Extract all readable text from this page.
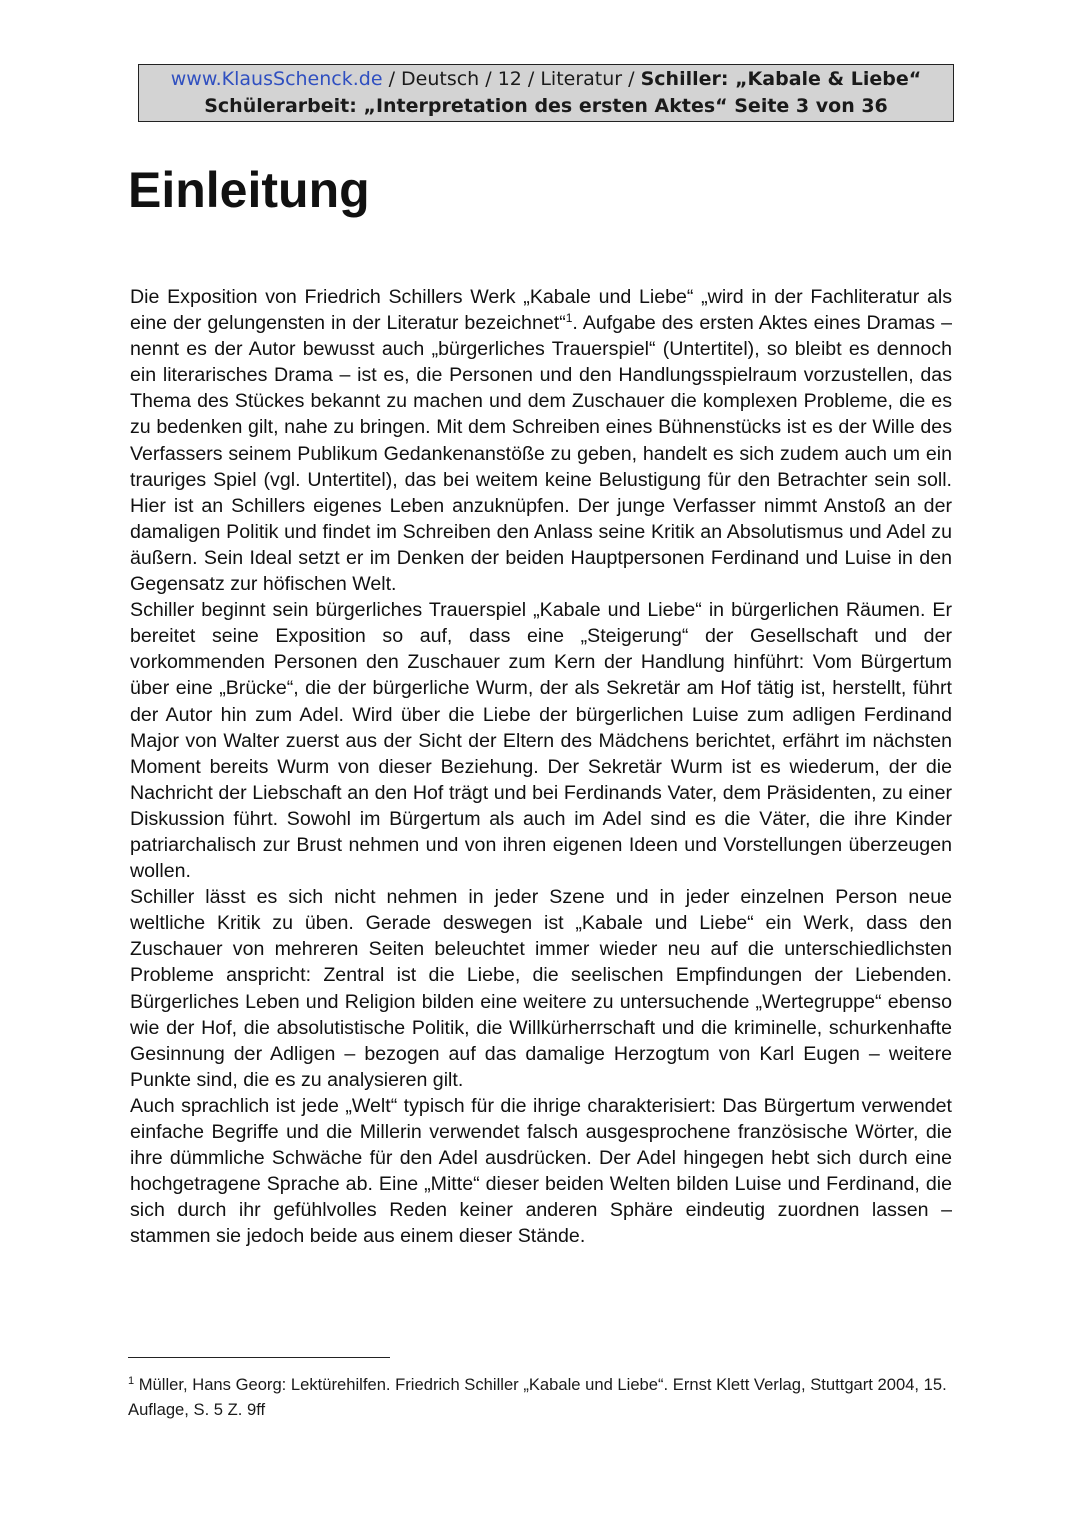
www.KlausSchenck.de / Deutsch / 12 / Literatur / Schiller: „Kabale & Liebe“
Schülerarbeit: „Interpretation des ersten Aktes“ Seite 3 von 36
Einleitung

Die Exposition von Friedrich Schillers Werk „Kabale und Liebe“ „wird in der Fachliteratur als eine der gelungensten in der Literatur bezeichnet“$^1$. Aufgabe des ersten Aktes eines Dramas – nennt es der Autor bewusst auch „bürgerliches Trauerspiel“ (Untertitel), so bleibt es dennoch ein literarisches Drama – ist es, die Personen und den Handlungsspielraum vorzustellen, das Thema des Stückes bekannt zu machen und dem Zuschauer die komplexen Probleme, die es zu bedenken gilt, nahe zu bringen. Mit dem Schreiben eines Bühnenstücks ist es der Wille des Verfassers seinem Publikum Gedankenanstöße zu geben, handelt es sich zudem auch um ein trauriges Spiel (vgl. Untertitel), das bei weitem keine Belustigung für den Betrachter sein soll. Hier ist an Schillers eigenes Leben anzuknüpfen. Der junge Verfasser nimmt Anstoß an der damaligen Politik und findet im Schreiben den Anlass seine Kritik an Absolutismus und Adel zu äußern. Sein Ideal setzt er im Denken der beiden Hauptpersonen Ferdinand und Luise in den Gegensatz zur höfischen Welt.

Schiller beginnt sein bürgerliches Trauerspiel „Kabale und Liebe“ in bürgerlichen Räumen. Er bereitet seine Exposition so auf, dass eine „Steigerung“ der Gesellschaft und der vorkommenden Personen den Zuschauer zum Kern der Handlung hinführt: Vom Bürgertum über eine „Brücke“, die der bürgerliche Wurm, der als Sekretär am Hof tätig ist, herstellt, führt der Autor hin zum Adel. Wird über die Liebe der bürgerlichen Luise zum adligen Ferdinand Major von Walter zuerst aus der Sicht der Eltern des Mädchens berichtet, erfährt im nächsten Moment bereits Wurm von dieser Beziehung. Der Sekretär Wurm ist es wiederum, der die Nachricht der Liebschaft an den Hof trägt und bei Ferdinands Vater, dem Präsidenten, zu einer Diskussion führt. Sowohl im Bürgertum als auch im Adel sind es die Väter, die ihre Kinder patriarchalisch zur Brust nehmen und von ihren eigenen Ideen und Vorstellungen überzeugen wollen.

Schiller lässt es sich nicht nehmen in jeder Szene und in jeder einzelnen Person neue weltliche Kritik zu üben. Gerade deswegen ist „Kabale und Liebe“ ein Werk, dass den Zuschauer von mehreren Seiten beleuchtet immer wieder neu auf die unterschiedlichsten Probleme anspricht: Zentral ist die Liebe, die seelischen Empfindungen der Liebenden. Bürgerliches Leben und Religion bilden eine weitere zu untersuchende „Wertegruppe“ ebenso wie der Hof, die absolutistische Politik, die Willkürherrschaft und die kriminelle, schurkenhafte Gesinnung der Adligen – bezogen auf das damalige Herzogtum von Karl Eugen – weitere Punkte sind, die es zu analysieren gilt.

Auch sprachlich ist jede „Welt“ typisch für die ihrige charakterisiert: Das Bürgertum verwendet einfache Begriffe und die Millerin verwendet falsch ausgesprochene französische Wörter, die ihre dümmliche Schwäche für den Adel ausdrücken. Der Adel hingegen hebt sich durch eine hochgetragene Sprache ab. Eine „Mitte“ dieser beiden Welten bilden Luise und Ferdinand, die sich durch ihr gefühlvolles Reden keiner anderen Sphäre eindeutig zuordnen lassen – stammen sie jedoch beide aus einem dieser Stände.

$^1$ Müller, Hans Georg: Lektürehilfen. Friedrich Schiller „Kabale und Liebe“. Ernst Klett Verlag, Stuttgart 2004, 15. Auflage, S. 5 Z. 9ff
